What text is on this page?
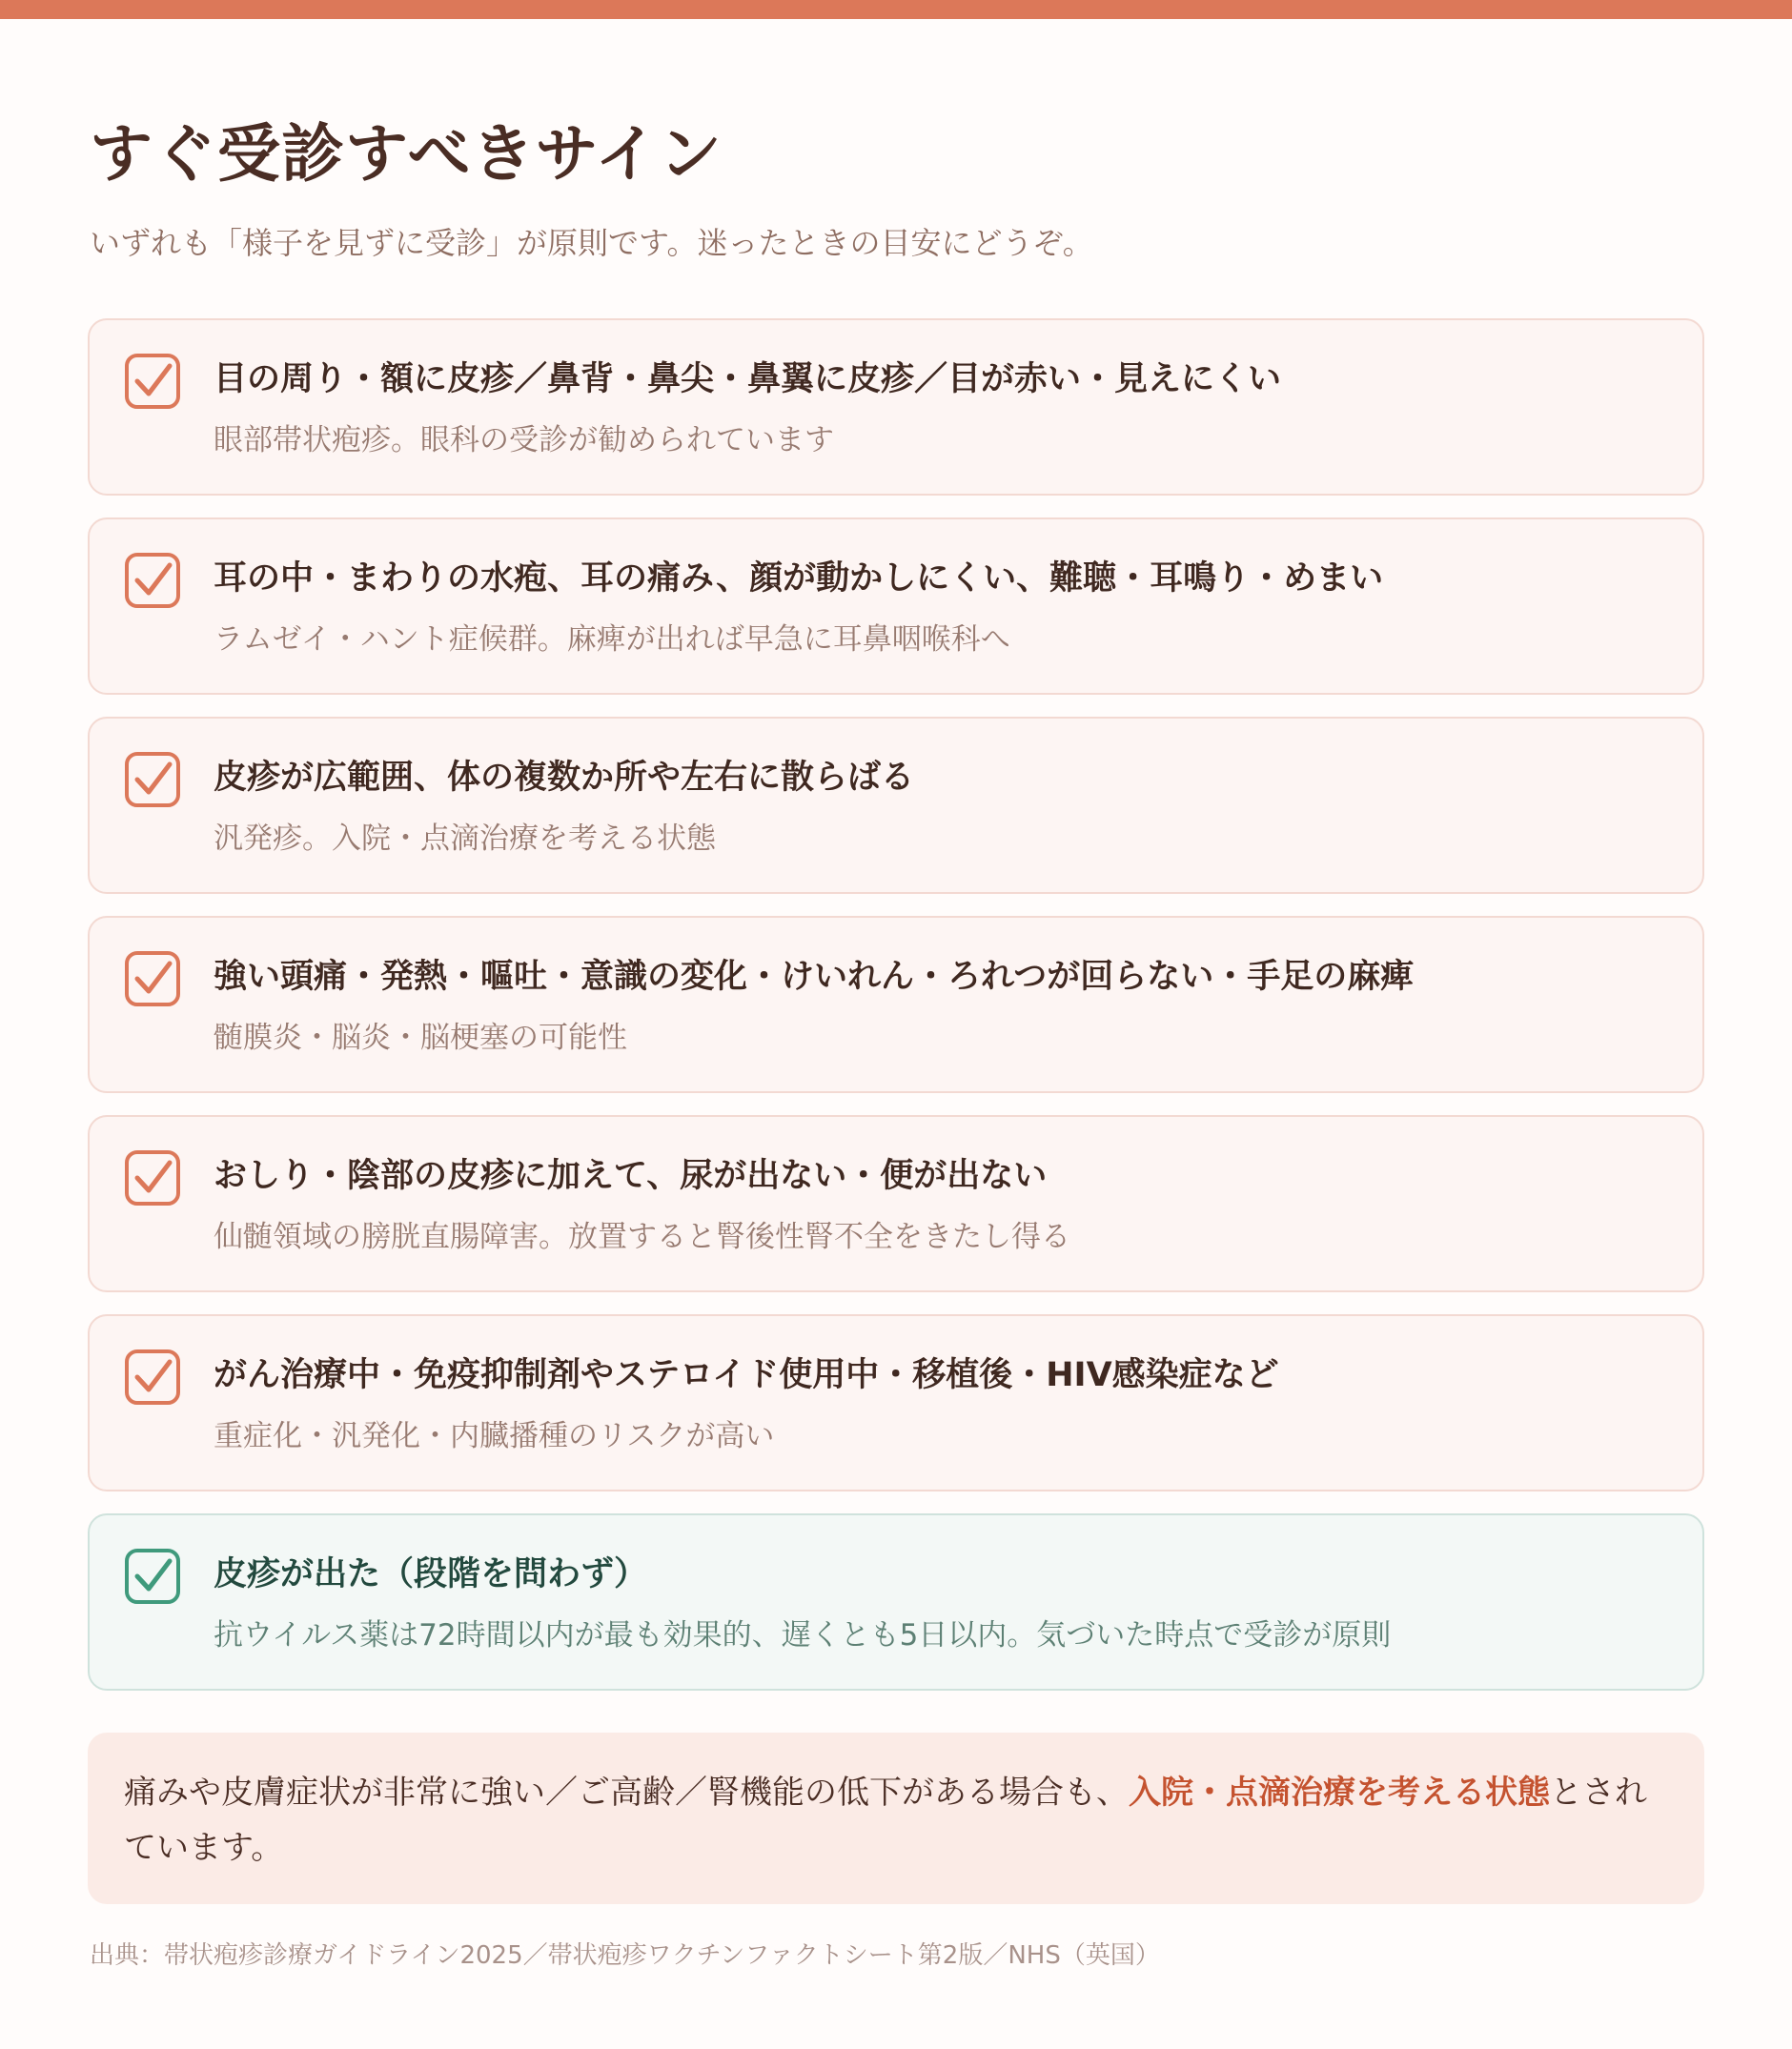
すぐ受診すべきサイン

いずれも「様子を見ずに受診」が原則です。迷ったときの目安にどうぞ。

目の周り・額に皮疹／鼻背・鼻尖・鼻翼に皮疹／目が赤い・見えにくい
眼部帯状疱疹。眼科の受診が勧められています
耳の中・まわりの水疱、耳の痛み、顔が動かしにくい、難聴・耳鳴り・めまい
ラムゼイ・ハント症候群。麻痺が出れば早急に耳鼻咽喉科へ
皮疹が広範囲、体の複数か所や左右に散らばる
汎発疹。入院・点滴治療を考える状態
強い頭痛・発熱・嘔吐・意識の変化・けいれん・ろれつが回らない・手足の麻痺
髄膜炎・脳炎・脳梗塞の可能性
おしり・陰部の皮疹に加えて、尿が出ない・便が出ない
仙髄領域の膀胱直腸障害。放置すると腎後性腎不全をきたし得る
がん治療中・免疫抑制剤やステロイド使用中・移植後・HIV感染症など
重症化・汎発化・内臓播種のリスクが高い
皮疹が出た（段階を問わず）
抗ウイルス薬は72時間以内が最も効果的、遅くとも5日以内。気づいた時点で受診が原則
痛みや皮膚症状が非常に強い／ご高齢／腎機能の低下がある場合も、入院・点滴治療を考える状態とされています。
出典：帯状疱疹診療ガイドライン2025／帯状疱疹ワクチンファクトシート第2版／NHS（英国）
